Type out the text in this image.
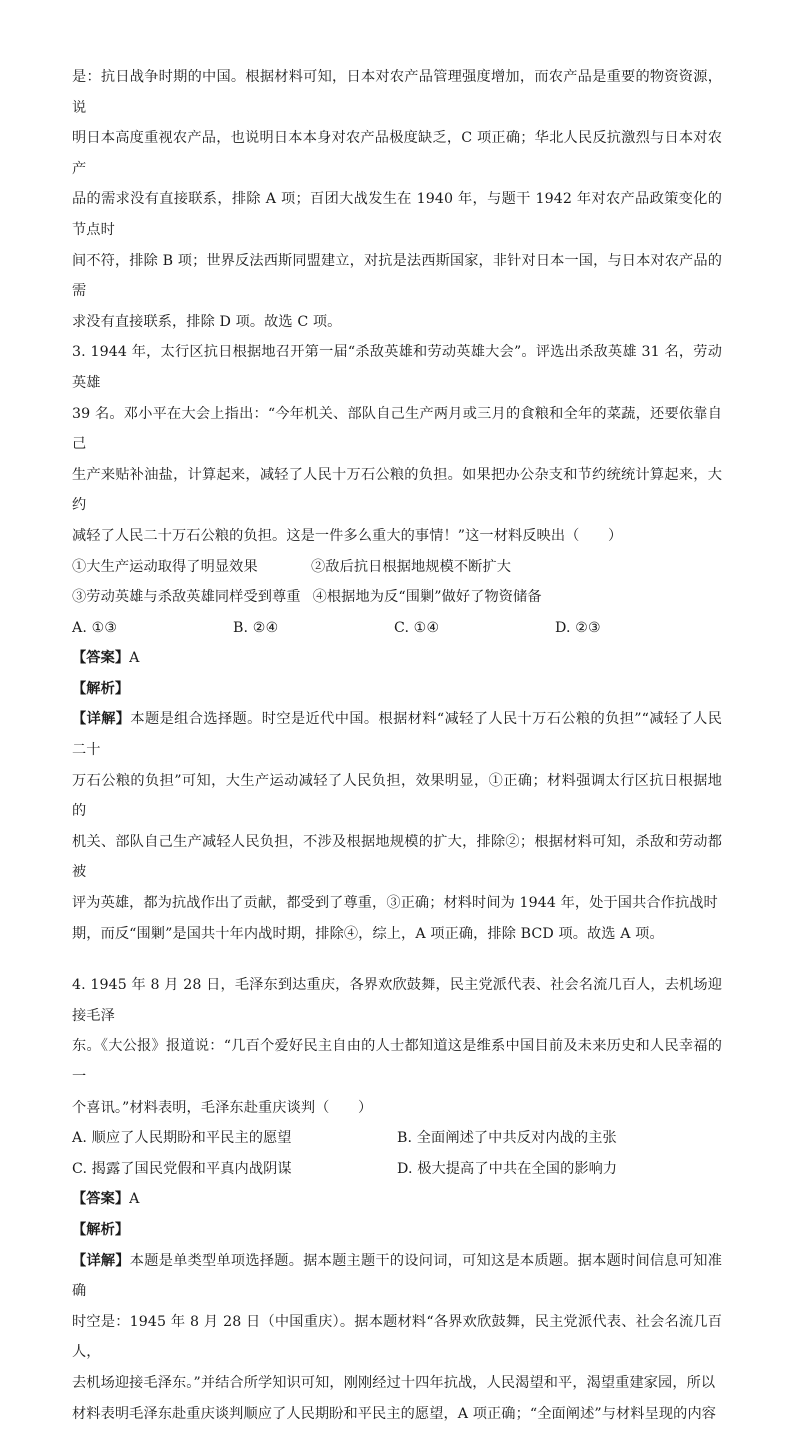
是：抗日战争时期的中国。根据材料可知，日本对农产品管理强度增加，而农产品是重要的物资资源，说

明日本高度重视农产品，也说明日本本身对农产品极度缺乏，C 项正确；华北人民反抗激烈与日本对农产

品的需求没有直接联系，排除 A 项；百团大战发生在 1940 年，与题干 1942 年对农产品政策变化的节点时

间不符，排除 B 项；世界反法西斯同盟建立，对抗是法西斯国家，非针对日本一国，与日本对农产品的需

求没有直接联系，排除 D 项。故选 C 项。

3. 1944 年，太行区抗日根据地召开第一届“杀敌英雄和劳动英雄大会”。评选出杀敌英雄 31 名，劳动英雄

39 名。邓小平在大会上指出：“今年机关、部队自己生产两月或三月的食粮和全年的菜蔬，还要依靠自己

生产来贴补油盐，计算起来，减轻了人民十万石公粮的负担。如果把办公杂支和节约统统计算起来，大约

减轻了人民二十万石公粮的负担。这是一件多么重大的事情！”这一材料反映出（　　）

①大生产运动取得了明显效果	②敌后抗日根据地规模不断扩大
③劳动英雄与杀敌英雄同样受到尊重 ④根据地为反“围剿”做好了物资储备
A. ①③	B. ②④	C. ①④	D. ②③

【答案】A

【解析】

【详解】本题是组合选择题。时空是近代中国。根据材料“减轻了人民十万石公粮的负担”“减轻了人民二十

万石公粮的负担”可知，大生产运动减轻了人民负担，效果明显，①正确；材料强调太行区抗日根据地的

机关、部队自己生产减轻人民负担，不涉及根据地规模的扩大，排除②；根据材料可知，杀敌和劳动都被

评为英雄，都为抗战作出了贡献，都受到了尊重，③正确；材料时间为 1944 年，处于国共合作抗战时

期，而反“围剿”是国共十年内战时期，排除④，综上，A 项正确，排除 BCD 项。故选 A 项。

4. 1945 年 8 月 28 日，毛泽东到达重庆，各界欢欣鼓舞，民主党派代表、社会名流几百人，去机场迎接毛泽

东。《大公报》报道说：“几百个爱好民主自由的人士都知道这是维系中国目前及未来历史和人民幸福的一

个喜讯。”材料表明，毛泽东赴重庆谈判（　　）

A. 顺应了人民期盼和平民主的愿望	B. 全面阐述了中共反对内战的主张
C. 揭露了国民党假和平真内战阴谋	D. 极大提高了中共在全国的影响力

【答案】A

【解析】

【详解】本题是单类型单项选择题。据本题主题干的设问词，可知这是本质题。据本题时间信息可知准确

时空是：1945 年 8 月 28 日（中国重庆）。据本题材料“各界欢欣鼓舞，民主党派代表、社会名流几百人，

去机场迎接毛泽东。”并结合所学知识可知，刚刚经过十四年抗战，人民渴望和平，渴望重建家园，所以

材料表明毛泽东赴重庆谈判顺应了人民期盼和平民主的愿望，A 项正确；“全面阐述”与材料呈现的内容
